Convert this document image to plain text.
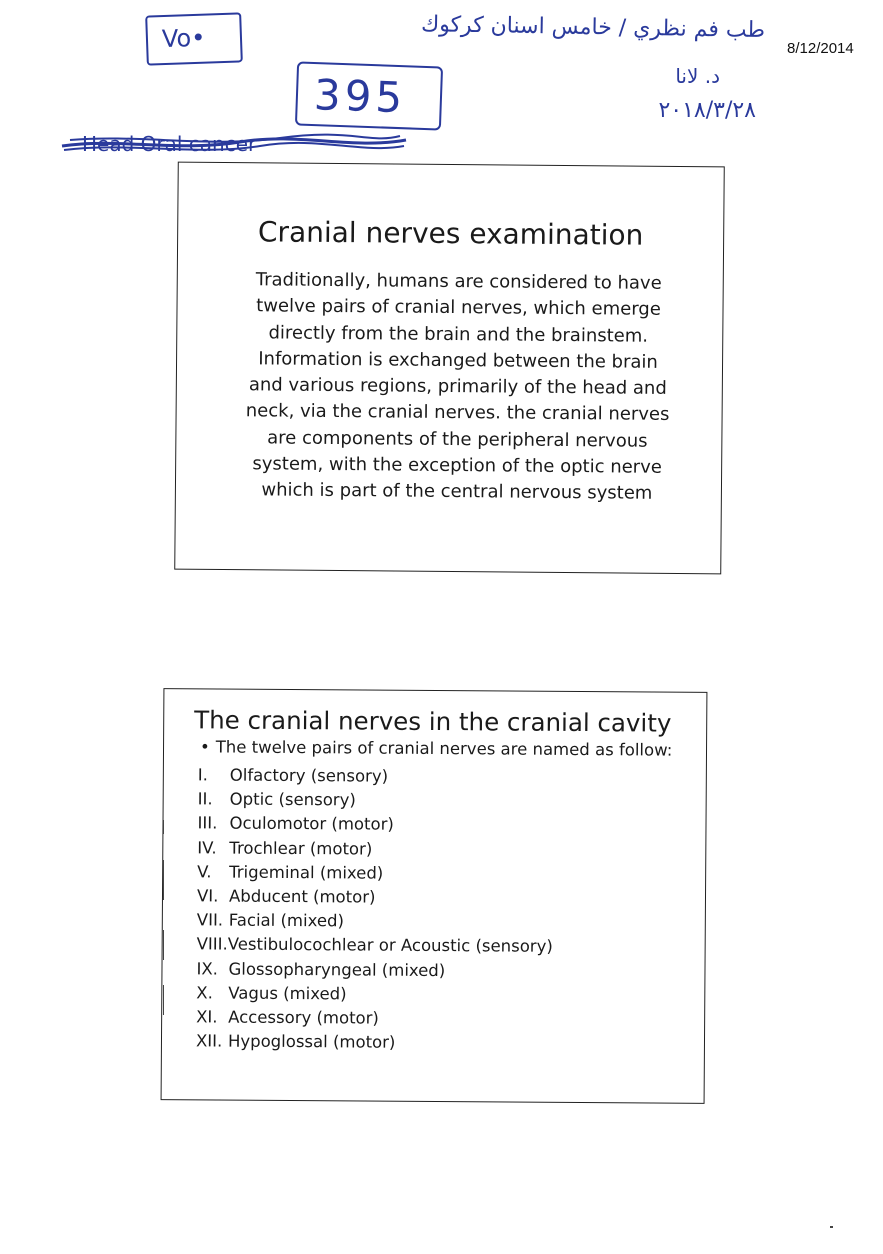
8/12/2014
Vo•
395
طب فم نظري / خامس اسنان كركوك
د. لانا
٢٠١٨/٣/٢٨
Head Oral cancer
Cranial nerves examination

Traditionally, humans are considered to have twelve pairs of cranial nerves, which emerge directly from the brain and the brainstem. Information is exchanged between the brain and various regions, primarily of the head and neck, via the cranial nerves. the cranial nerves are components of the peripheral nervous system, with the exception of the optic nerve which is part of the central nervous system

The cranial nerves in the cranial cavity

• The twelve pairs of cranial nerves are named as follow:

I. Olfactory (sensory)
II. Optic (sensory)
III. Oculomotor (motor)
IV. Trochlear (motor)
V. Trigeminal (mixed)
VI. Abducent (motor)
VII. Facial (mixed)
VIII.Vestibulocochlear or Acoustic (sensory)
IX. Glossopharyngeal (mixed)
X. Vagus (mixed)
XI. Accessory (motor)
XII. Hypoglossal (motor)
